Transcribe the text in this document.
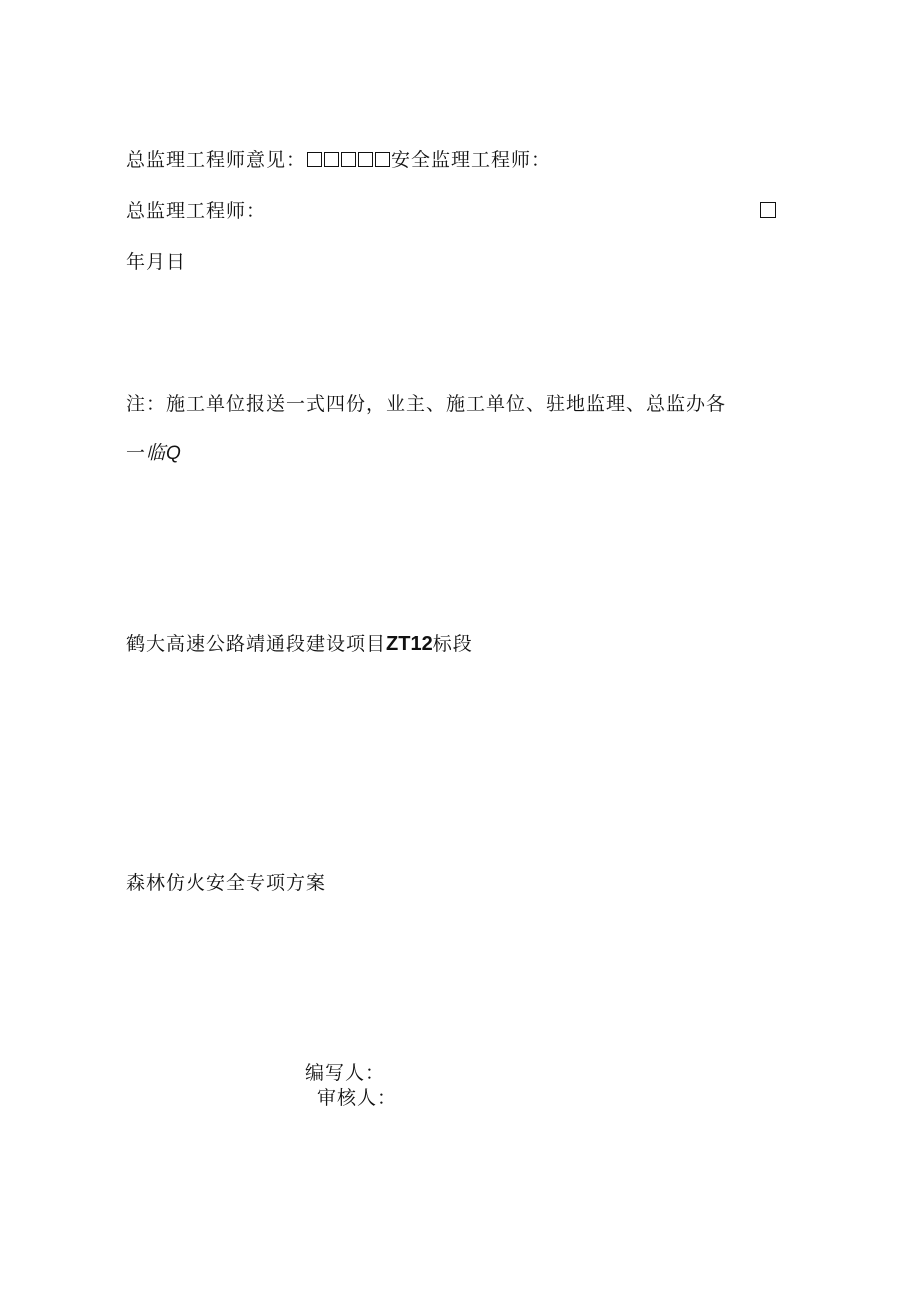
总监理工程师意见：	安全监理工程师：
总监理工程师：
年月日
注：施工单位报送一式四份，业主、施工单位、驻地监理、总监办各
一临Q
鹤大高速公路靖通段建设项目ZT12标段
森林仿火安全专项方案
编写人：
审核人：
